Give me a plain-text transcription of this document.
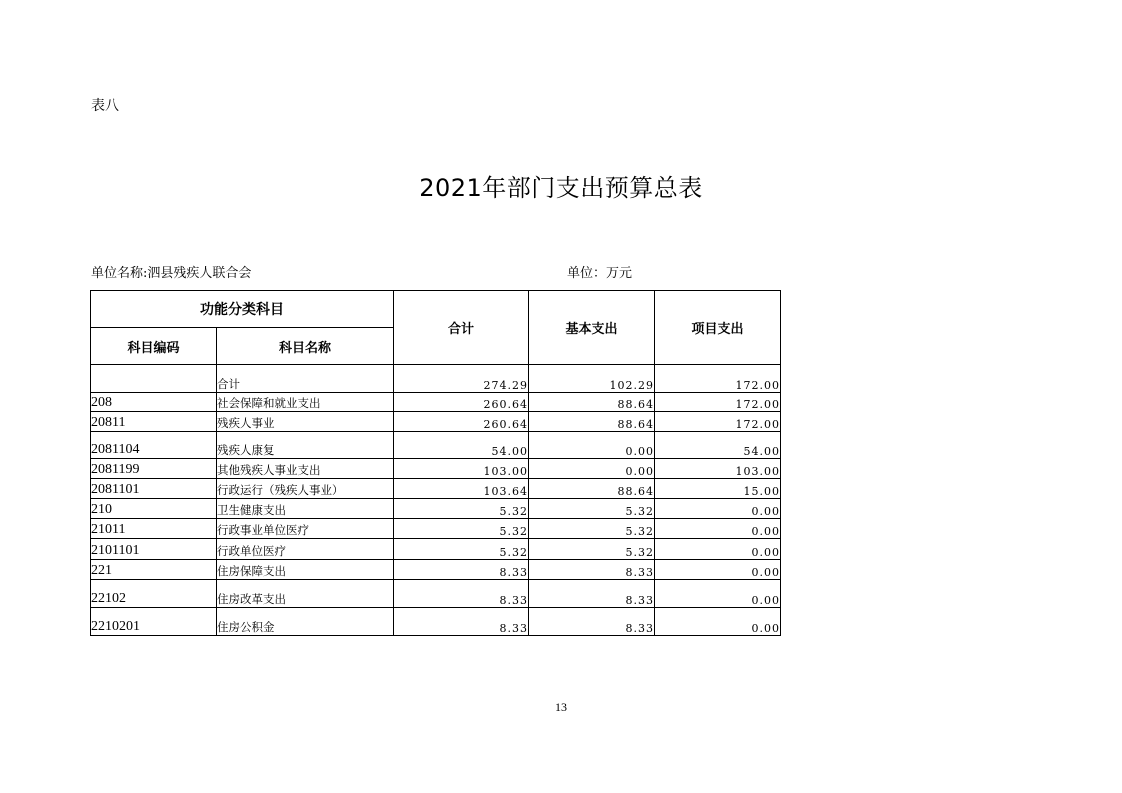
表八
2021年部门支出预算总表
单位名称:泗县残疾人联合会	单位：万元
功能分类科目		合计	基本支出	项目支出
科目编码	科目名称			
	合计	274.29	102.29	172.00
208	社会保障和就业支出	260.64	88.64	172.00
20811	残疾人事业	260.64	88.64	172.00
2081104	残疾人康复	54.00	0.00	54.00
2081199	其他残疾人事业支出	103.00	0.00	103.00
2081101	行政运行（残疾人事业）	103.64	88.64	15.00
210	卫生健康支出	5.32	5.32	0.00
21011	行政事业单位医疗	5.32	5.32	0.00
2101101	行政单位医疗	5.32	5.32	0.00
221	住房保障支出	8.33	8.33	0.00
22102	住房改革支出	8.33	8.33	0.00
2210201	住房公积金	8.33	8.33	0.00
13
